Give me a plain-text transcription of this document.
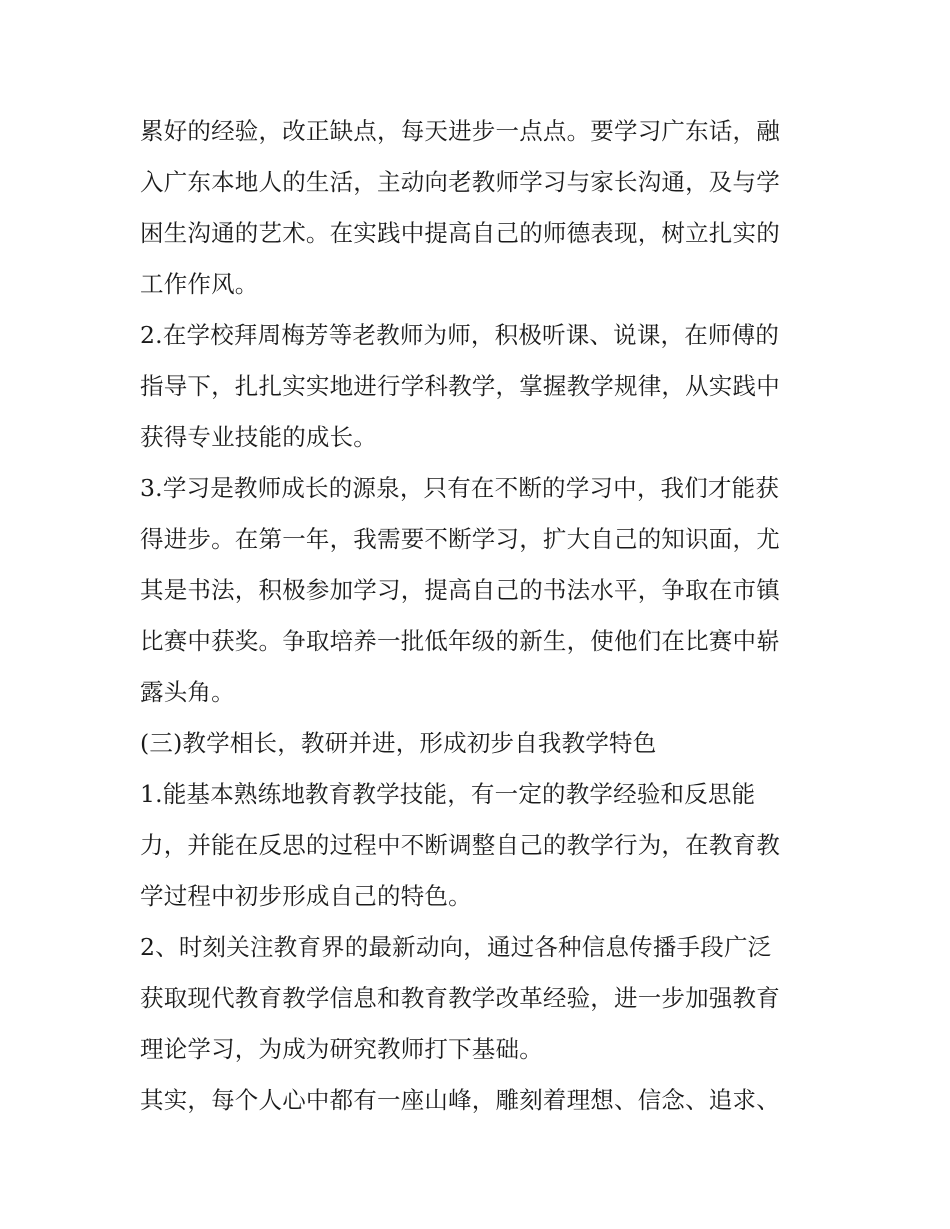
累好的经验，改正缺点，每天进步一点点。要学习广东话，融
入广东本地人的生活，主动向老教师学习与家长沟通，及与学
困生沟通的艺术。在实践中提高自己的师德表现，树立扎实的
工作作风。
2.在学校拜周梅芳等老教师为师，积极听课、说课，在师傅的
指导下，扎扎实实地进行学科教学，掌握教学规律，从实践中
获得专业技能的成长。
3.学习是教师成长的源泉，只有在不断的学习中，我们才能获
得进步。在第一年，我需要不断学习，扩大自己的知识面，尤
其是书法，积极参加学习，提高自己的书法水平，争取在市镇
比赛中获奖。争取培养一批低年级的新生，使他们在比赛中崭
露头角。
(三)教学相长，教研并进，形成初步自我教学特色
1.能基本熟练地教育教学技能，有一定的教学经验和反思能
力，并能在反思的过程中不断调整自己的教学行为，在教育教
学过程中初步形成自己的特色。
2、时刻关注教育界的最新动向，通过各种信息传播手段广泛
获取现代教育教学信息和教育教学改革经验，进一步加强教育
理论学习，为成为研究教师打下基础。
其实，每个人心中都有一座山峰，雕刻着理想、信念、追求、
